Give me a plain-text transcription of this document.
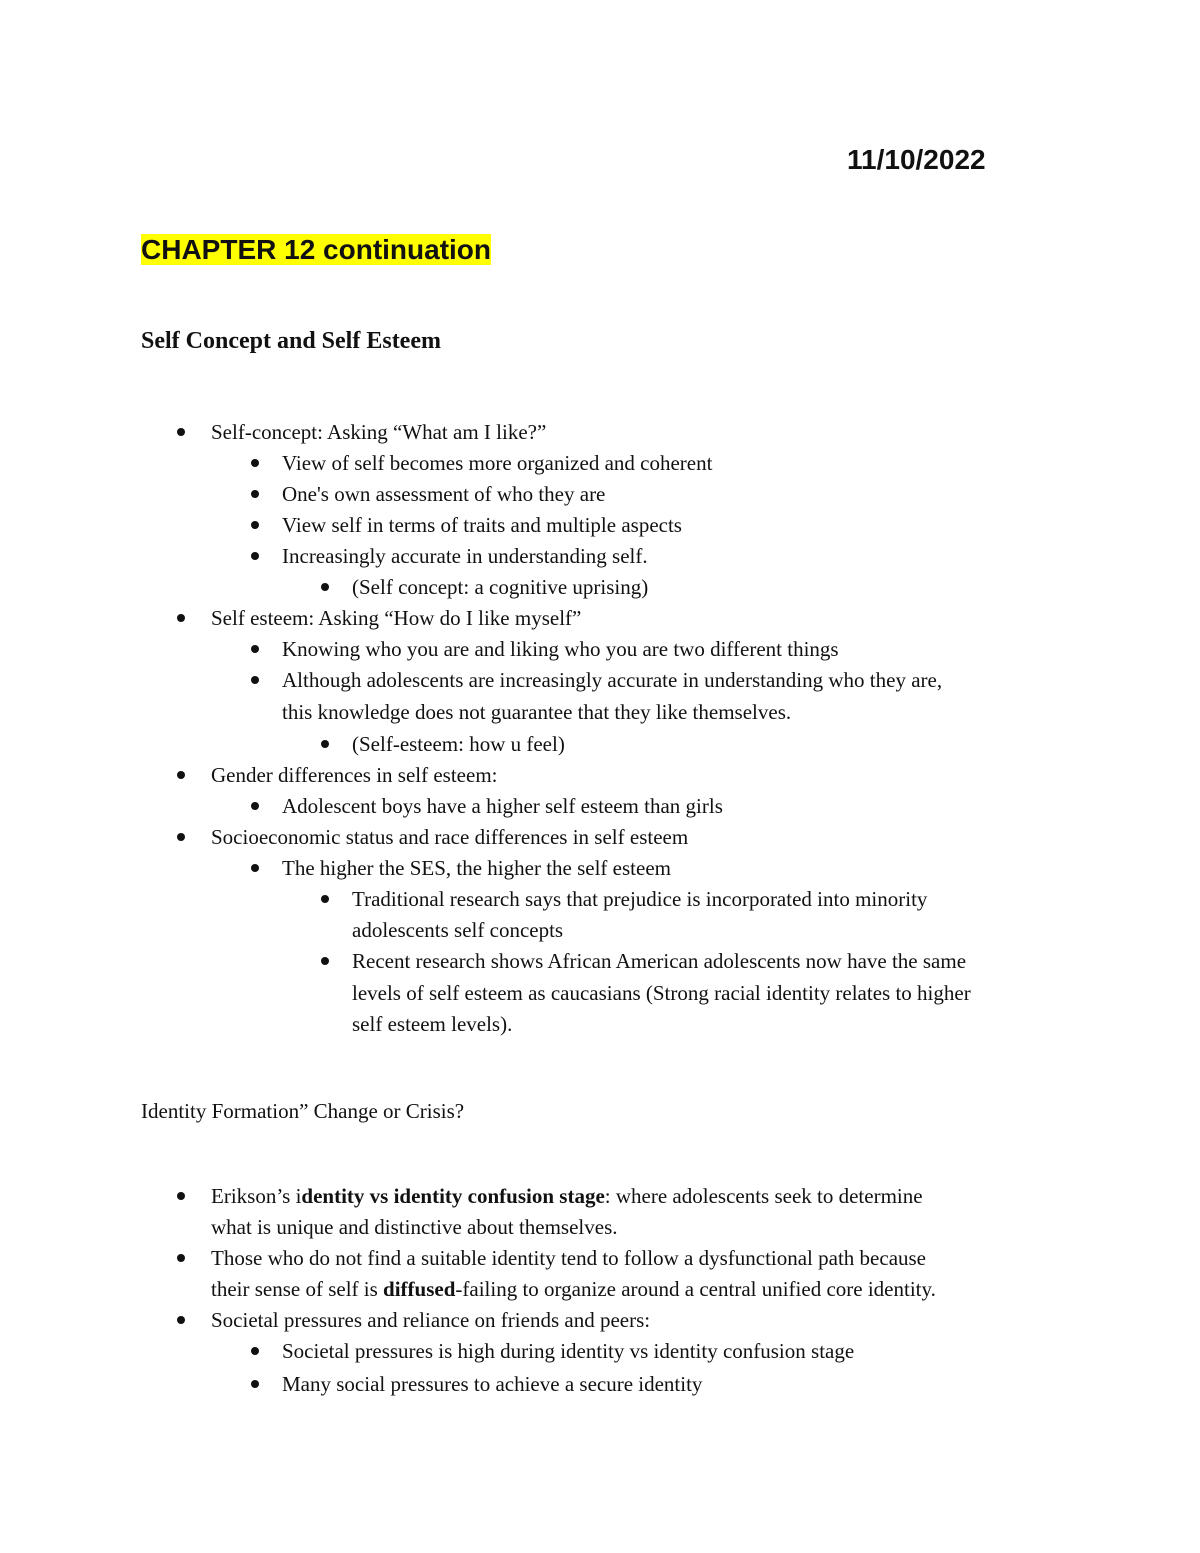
11/10/2022
CHAPTER 12 continuation
Self Concept and Self Esteem
Self-concept: Asking “What am I like?”
View of self becomes more organized and coherent
One's own assessment of who they are
View self in terms of traits and multiple aspects
Increasingly accurate in understanding self.
(Self concept: a cognitive uprising)
Self esteem: Asking “How do I like myself”
Knowing who you are and liking who you are two different things
Although adolescents are increasingly accurate in understanding who they are,
this knowledge does not guarantee that they like themselves.
(Self-esteem: how u feel)
Gender differences in self esteem:
Adolescent boys have a higher self esteem than girls
Socioeconomic status and race differences in self esteem
The higher the SES, the higher the self esteem
Traditional research says that prejudice is incorporated into minority
adolescents self concepts
Recent research shows African American adolescents now have the same
levels of self esteem as caucasians (Strong racial identity relates to higher
self esteem levels).
Identity Formation” Change or Crisis?
Erikson’s identity vs identity confusion stage: where adolescents seek to determine
what is unique and distinctive about themselves.
Those who do not find a suitable identity tend to follow a dysfunctional path because
their sense of self is diffused-failing to organize around a central unified core identity.
Societal pressures and reliance on friends and peers:
Societal pressures is high during identity vs identity confusion stage
Many social pressures to achieve a secure identity
